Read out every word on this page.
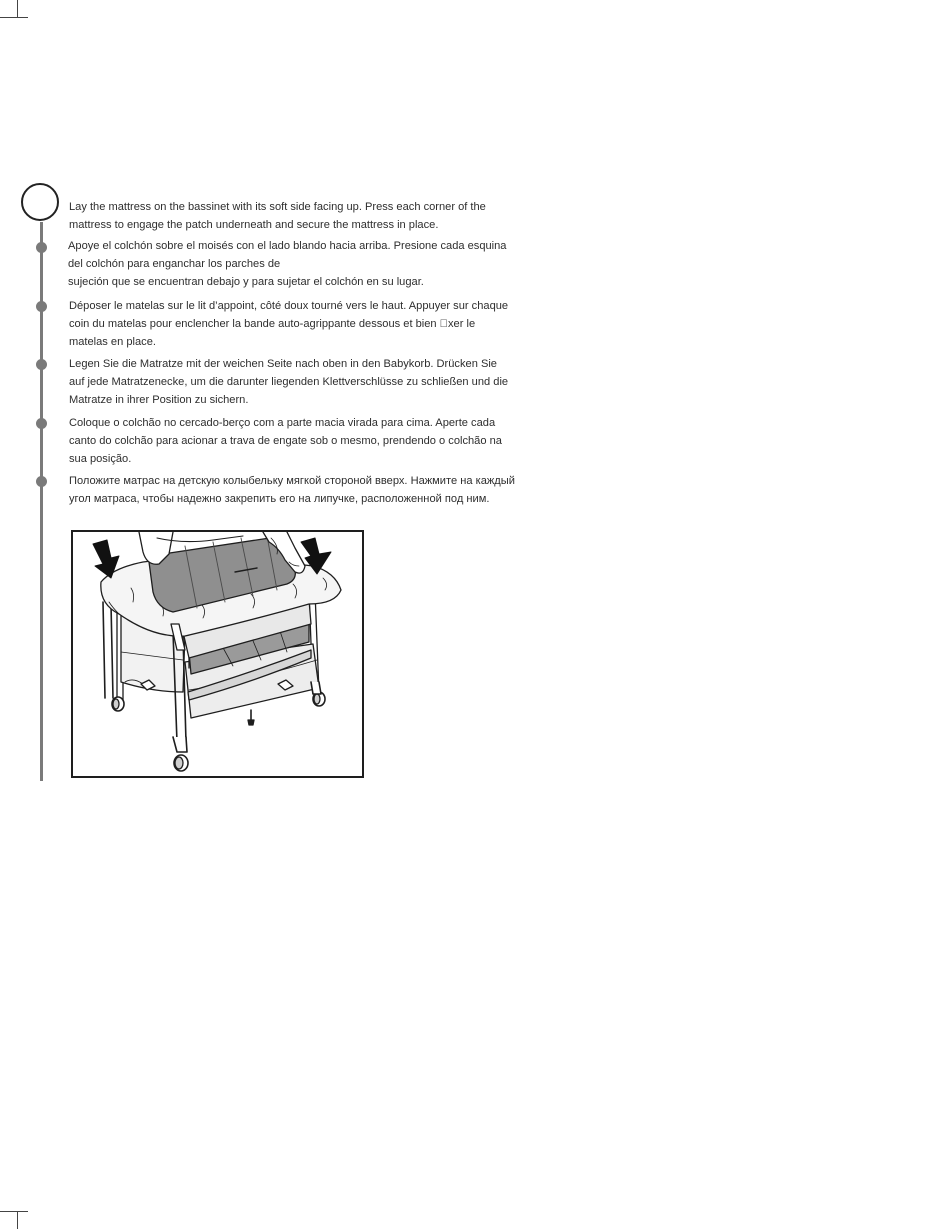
Lay the mattress on the bassinet with its soft side facing up. Press each corner of the
mattress to engage the patch underneath and secure the mattress in place.

Apoye el colchón sobre el moisés con el lado blando hacia arriba. Presione cada esquina
del colchón para enganchar los parches de
sujeción que se encuentran debajo y para sujetar el colchón en su lugar.

Déposer le matelas sur le lit d’appoint, côté doux tourné vers le haut. Appuyer sur chaque
coin du matelas pour enclencher la bande auto-agrippante dessous et bien  xer le
matelas en place.

Legen Sie die Matratze mit der weichen Seite nach oben in den Babykorb. Drücken Sie
auf jede Matratzenecke, um die darunter liegenden Klettverschlüsse zu schließen und die
Matratze in ihrer Position zu sichern.

Coloque o colchão no cercado-berço com a parte macia virada para cima. Aperte cada
canto do colchão para acionar a trava de engate sob o mesmo, prendendo o colchão na
sua posição.

Положите матрас на детскую колыбельку мягкой стороной вверх. Нажмите на каждый
угол матраса, чтобы надежно закрепить его на липучке, расположенной под ним.
